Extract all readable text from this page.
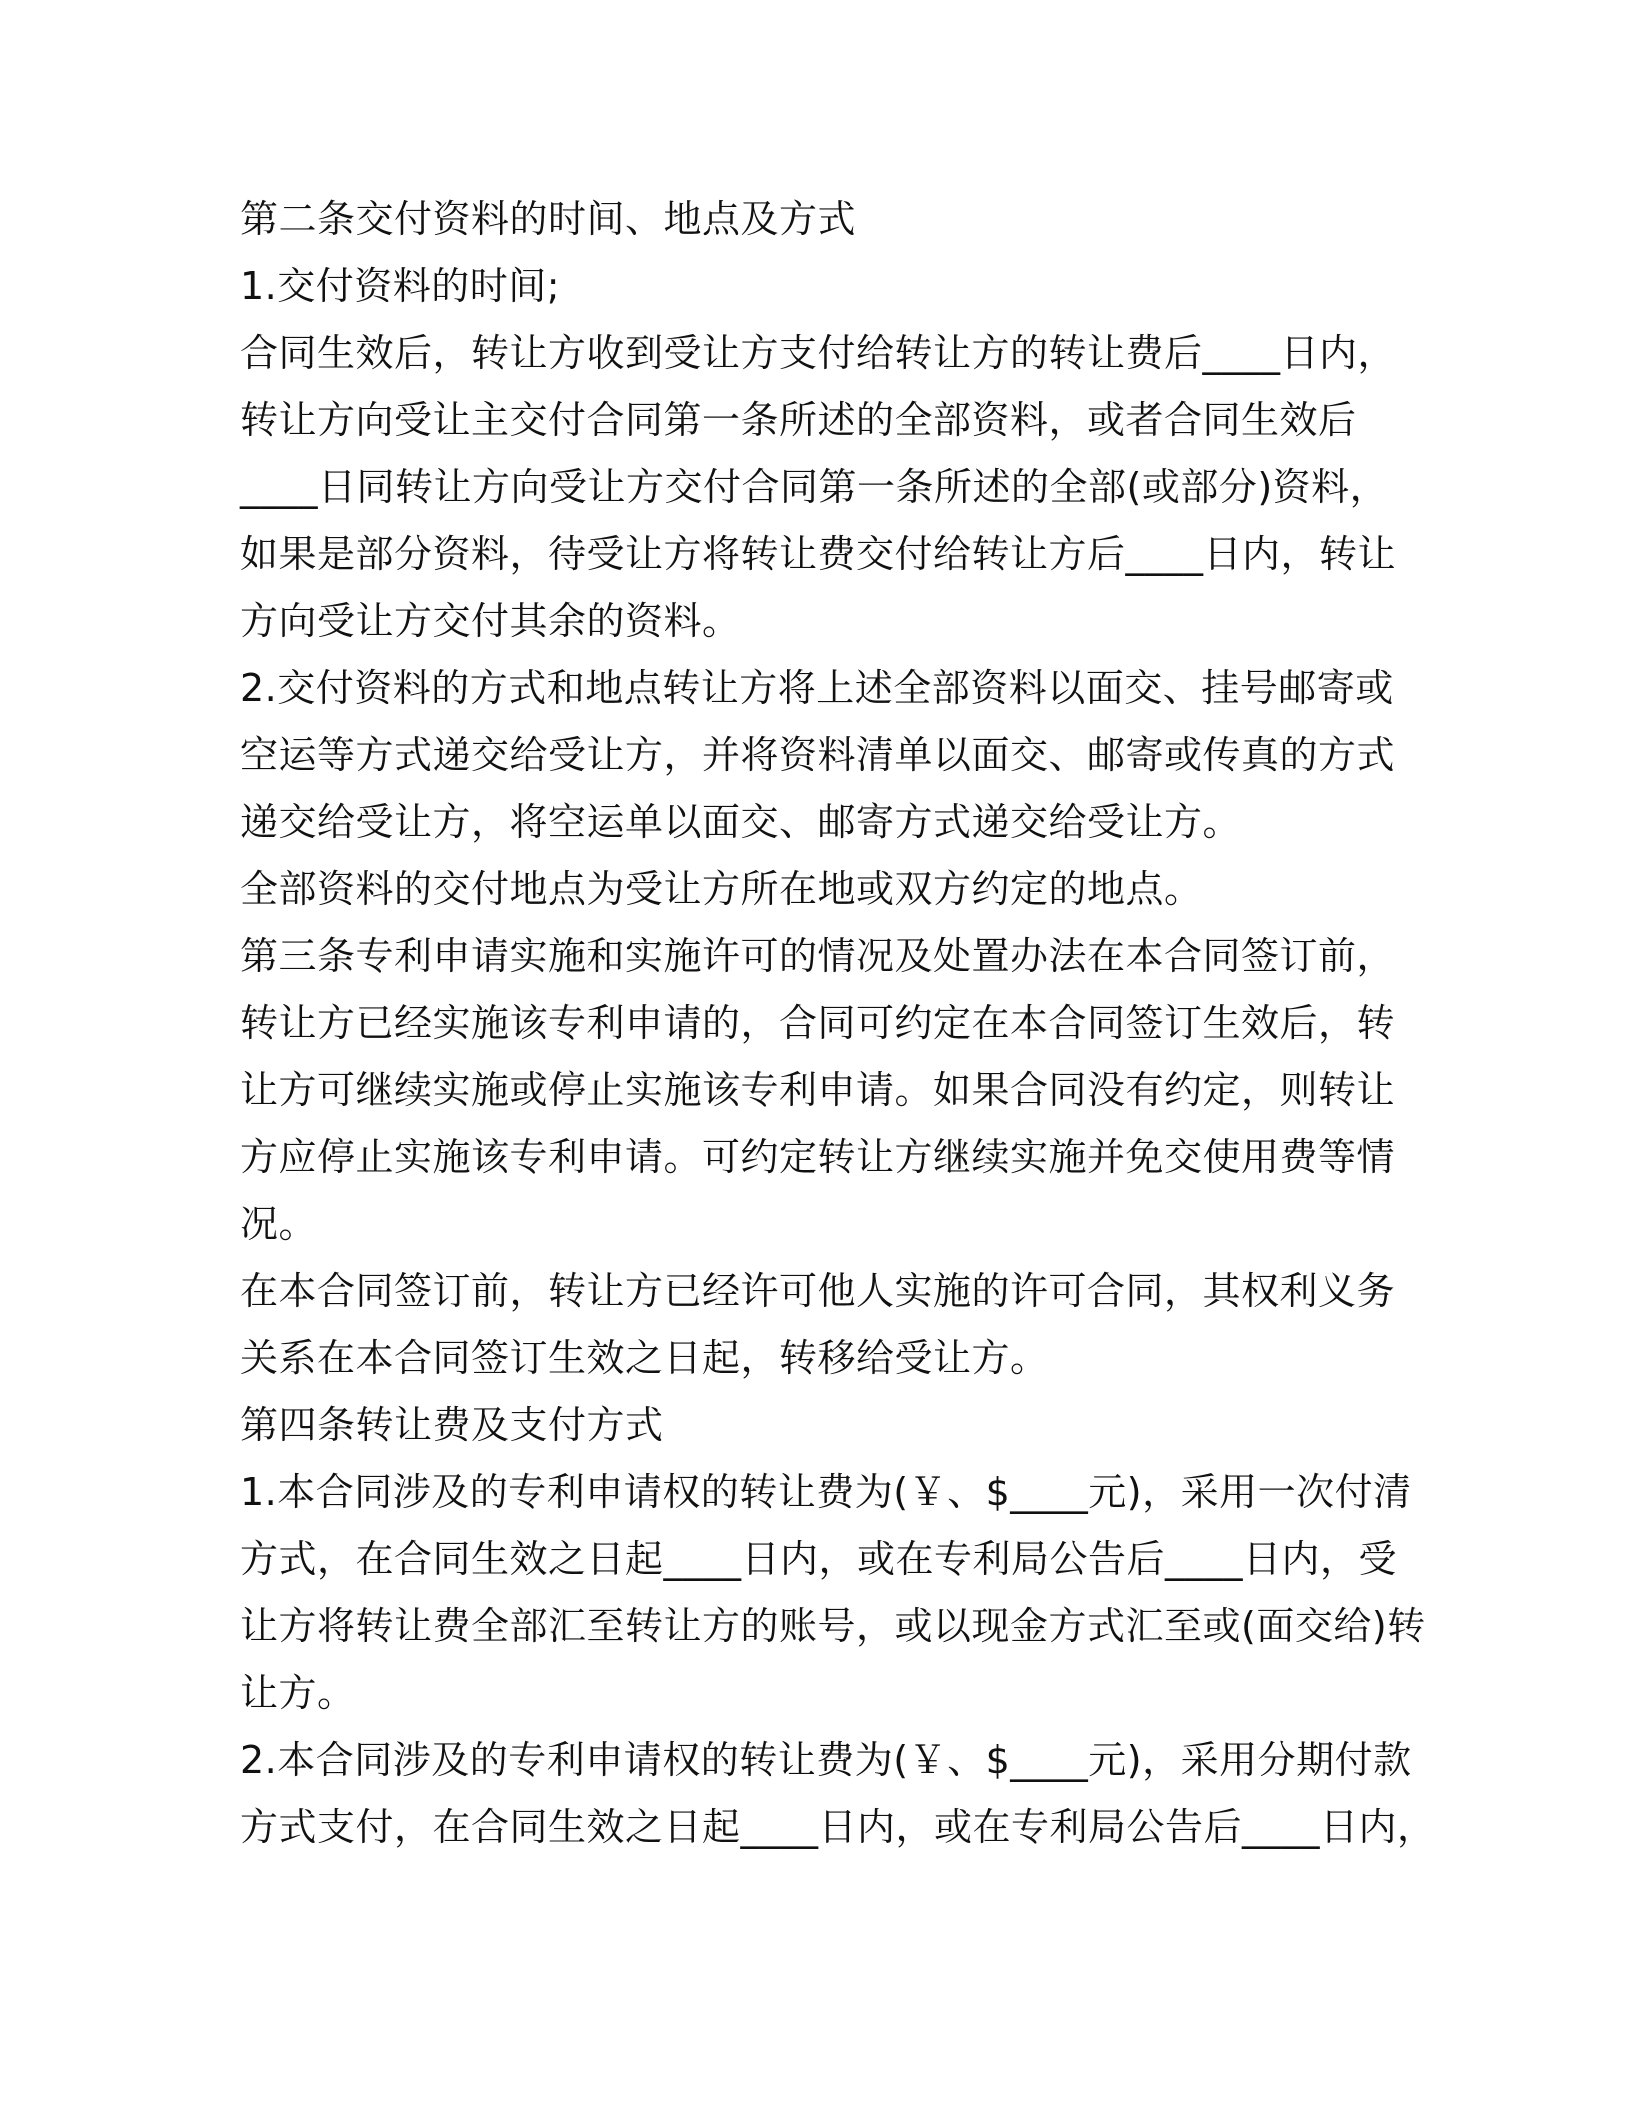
第二条交付资料的时间、地点及方式
1.交付资料的时间;
合同生效后，转让方收到受让方支付给转让方的转让费后____日内，
转让方向受让主交付合同第一条所述的全部资料，或者合同生效后
____日同转让方向受让方交付合同第一条所述的全部(或部分)资料，
如果是部分资料，待受让方将转让费交付给转让方后____日内，转让
方向受让方交付其余的资料。
2.交付资料的方式和地点转让方将上述全部资料以面交、挂号邮寄或
空运等方式递交给受让方，并将资料清单以面交、邮寄或传真的方式
递交给受让方，将空运单以面交、邮寄方式递交给受让方。
全部资料的交付地点为受让方所在地或双方约定的地点。
第三条专利申请实施和实施许可的情况及处置办法在本合同签订前，
转让方已经实施该专利申请的，合同可约定在本合同签订生效后，转
让方可继续实施或停止实施该专利申请。如果合同没有约定，则转让
方应停止实施该专利申请。可约定转让方继续实施并免交使用费等情
况。
在本合同签订前，转让方已经许可他人实施的许可合同，其权利义务
关系在本合同签订生效之日起，转移给受让方。
第四条转让费及支付方式
1.本合同涉及的专利申请权的转让费为(￥、$____元)，采用一次付清
方式，在合同生效之日起____日内，或在专利局公告后____日内，受
让方将转让费全部汇至转让方的账号，或以现金方式汇至或(面交给)转
让方。
2.本合同涉及的专利申请权的转让费为(￥、$____元)，采用分期付款
方式支付，在合同生效之日起____日内，或在专利局公告后____日内，
